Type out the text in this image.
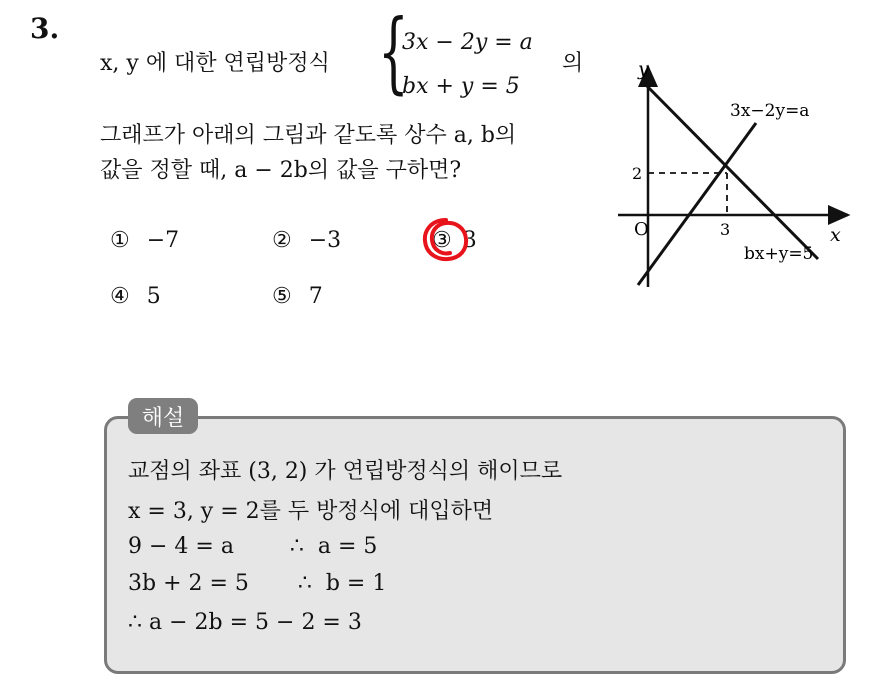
3.
x, y 에 대한 연립방정식 {
3x − 2y = a
bx + y = 5
의
그래프가 아래의 그림과 같도록 상수 a, b의
값을 정할 때, a − 2b의 값을 구하면?
① −7	② −3	③ 3
④ 5	⑤ 7
y
x
O	3
2
3x−2y=a
bx+y=5
해설
교점의 좌표 (3, 2) 가 연립방정식의 해이므로
x = 3, y = 2를 두 방정식에 대입하면
9 − 4 = a        ∴  a = 5
3b + 2 = 5       ∴  b = 1
∴ a − 2b = 5 − 2 = 3
